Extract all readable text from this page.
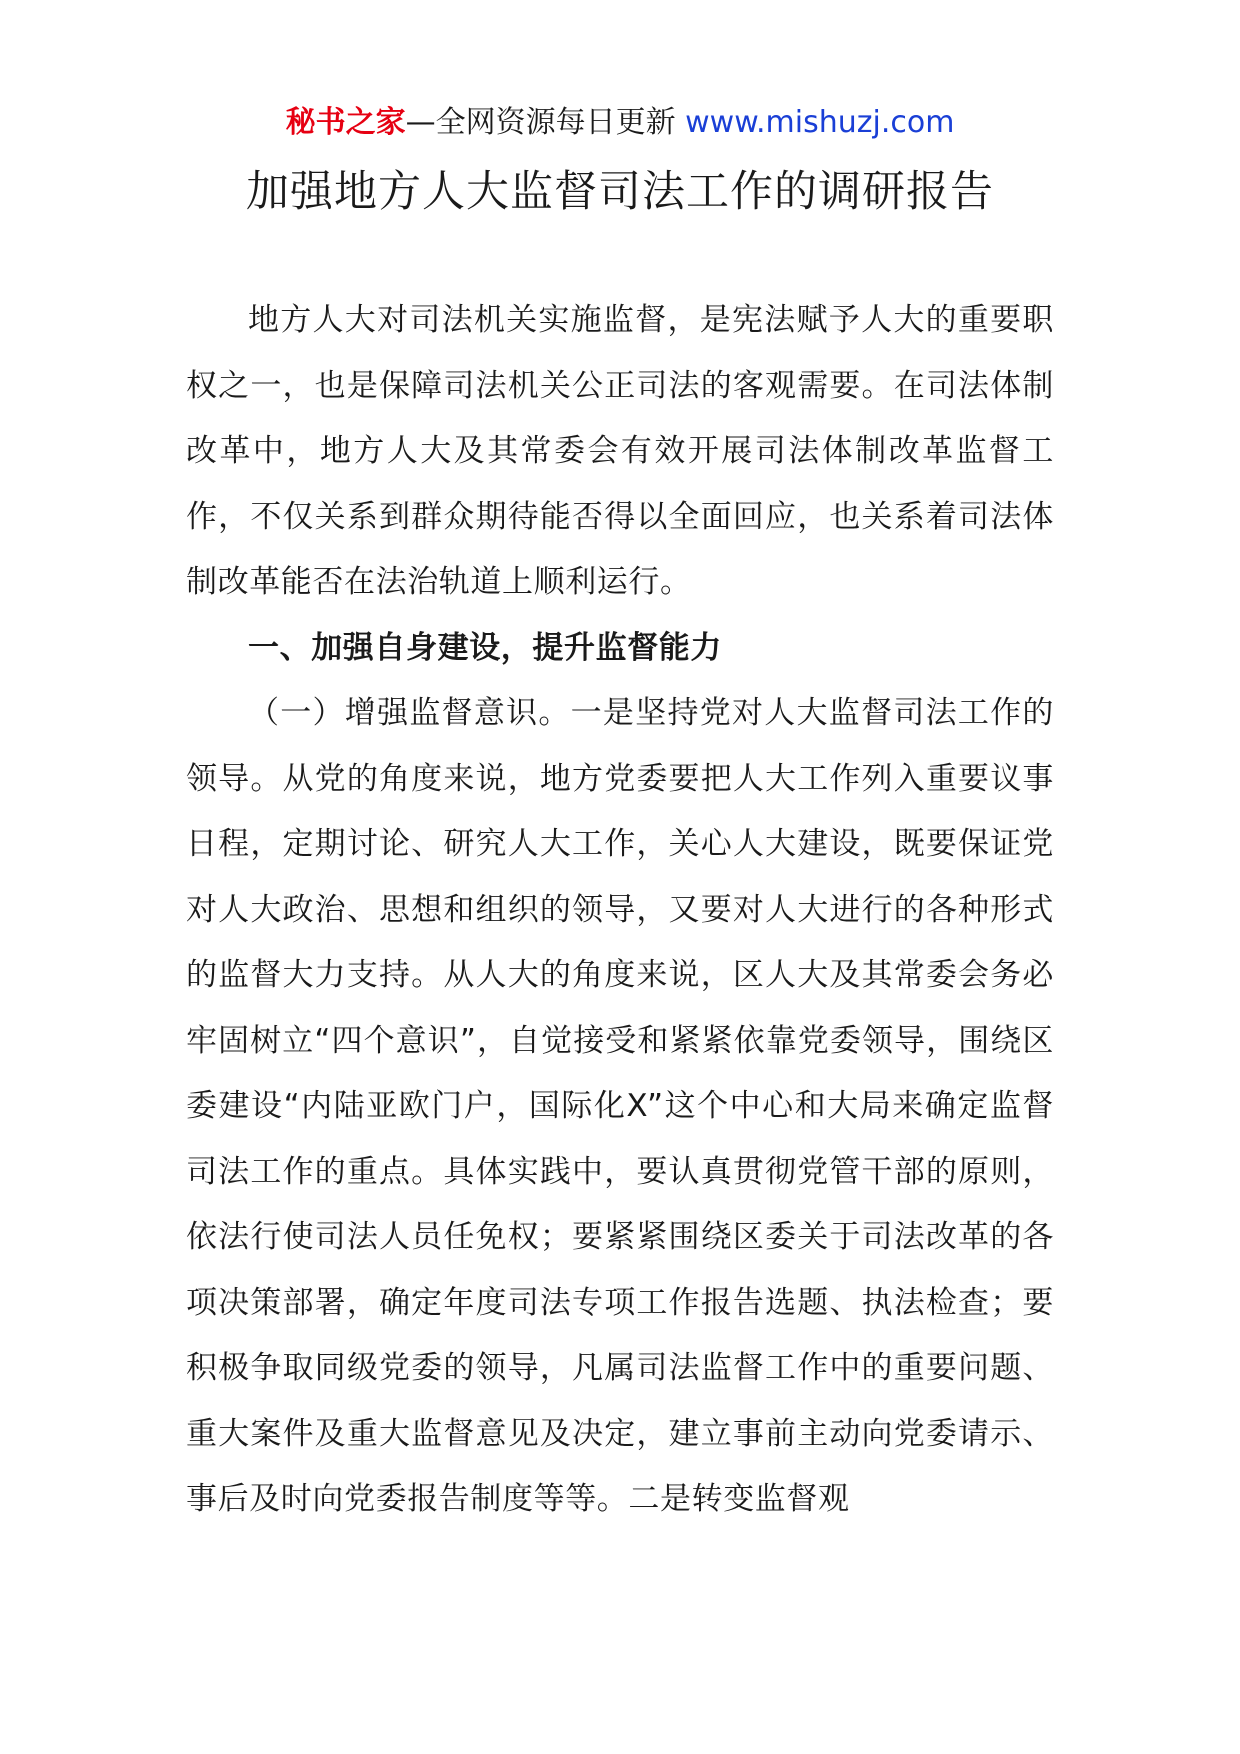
秘书之家—全网资源每日更新 www.mishuzj.com
加强地方人大监督司法工作的调研报告

地方人大对司法机关实施监督，是宪法赋予人大的重要职权之一，也是保障司法机关公正司法的客观需要。在司法体制改革中，地方人大及其常委会有效开展司法体制改革监督工作，不仅关系到群众期待能否得以全面回应，也关系着司法体制改革能否在法治轨道上顺利运行。

一、加强自身建设，提升监督能力

（一）增强监督意识。一是坚持党对人大监督司法工作的领导。从党的角度来说，地方党委要把人大工作列入重要议事日程，定期讨论、研究人大工作，关心人大建设，既要保证党对人大政治、思想和组织的领导，又要对人大进行的各种形式的监督大力支持。从人大的角度来说，区人大及其常委会务必牢固树立“四个意识”，自觉接受和紧紧依靠党委领导，围绕区委建设“内陆亚欧门户，国际化X”这个中心和大局来确定监督司法工作的重点。具体实践中，要认真贯彻党管干部的原则，依法行使司法人员任免权；要紧紧围绕区委关于司法改革的各项决策部署，确定年度司法专项工作报告选题、执法检查；要积极争取同级党委的领导，凡属司法监督工作中的重要问题、重大案件及重大监督意见及决定，建立事前主动向党委请示、事后及时向党委报告制度等等。二是转变监督观
